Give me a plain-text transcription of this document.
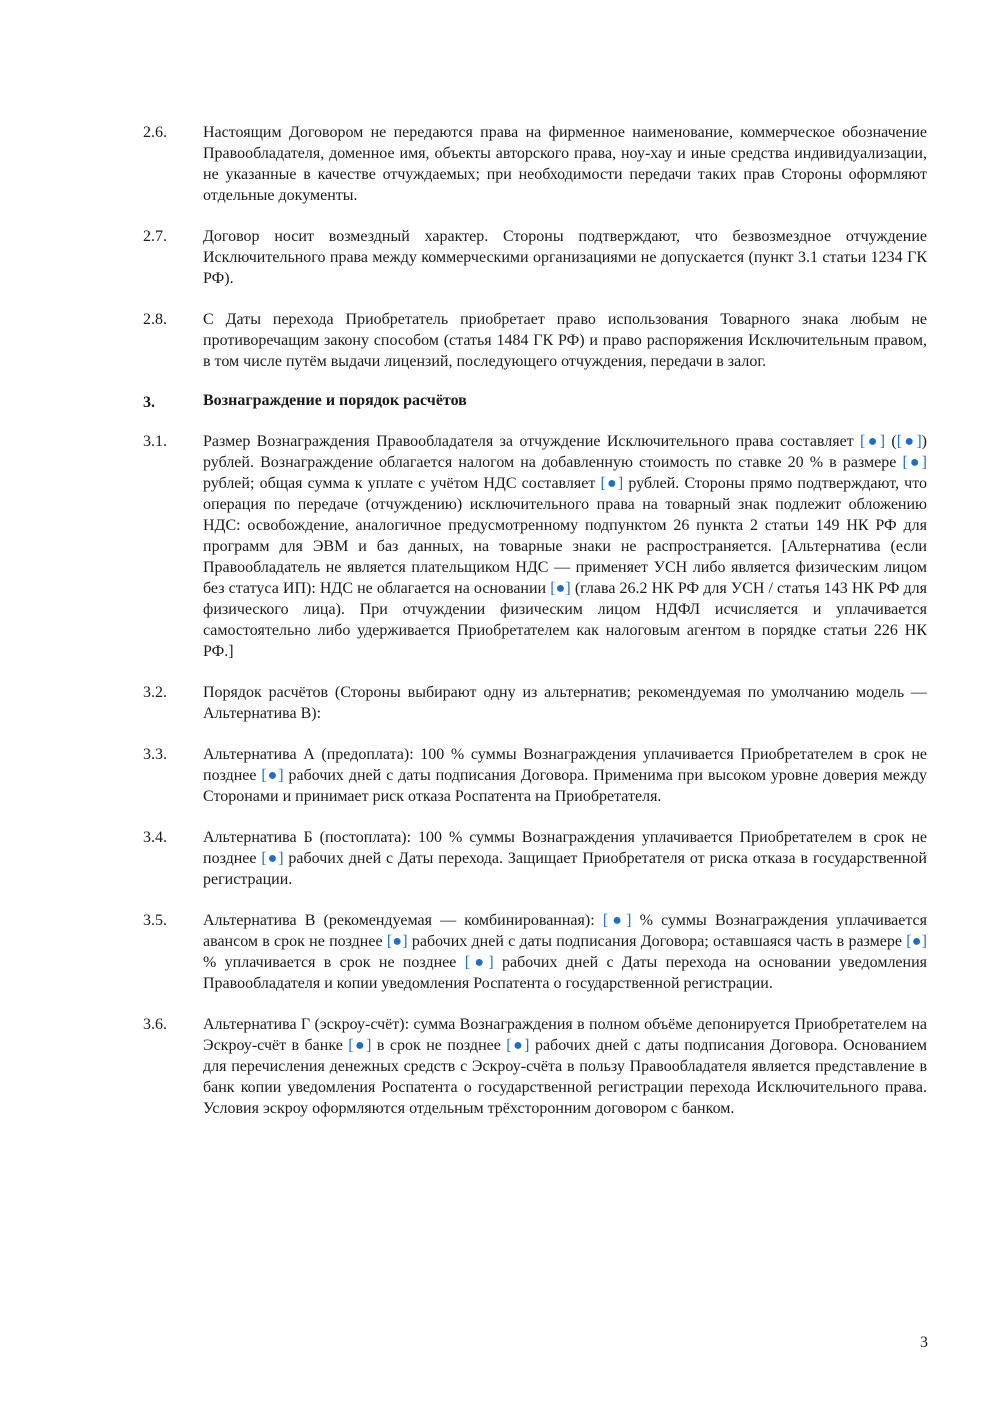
2.6.	Настоящим Договором не передаются права на фирменное наименование, коммерческое обозначение Правообладателя, доменное имя, объекты авторского права, ноу-хау и иные средства индивидуализации, не указанные в качестве отчуждаемых; при необходимости передачи таких прав Стороны оформляют отдельные документы.
2.7.	Договор носит возмездный характер. Стороны подтверждают, что безвозмездное отчуждение Исключительного права между коммерческими организациями не допускается (пункт 3.1 статьи 1234 ГК РФ).
2.8.	С Даты перехода Приобретатель приобретает право использования Товарного знака любым не противоречащим закону способом (статья 1484 ГК РФ) и право распоряжения Исключительным правом, в том числе путём выдачи лицензий, последующего отчуждения, передачи в залог.
3.	Вознаграждение и порядок расчётов
3.1.	Размер Вознаграждения Правообладателя за отчуждение Исключительного права составляет [●] ([●]) рублей. Вознаграждение облагается налогом на добавленную стоимость по ставке 20 % в размере [●] рублей; общая сумма к уплате с учётом НДС составляет [●] рублей. Стороны прямо подтверждают, что операция по передаче (отчуждению) исключительного права на товарный знак подлежит обложению НДС: освобождение, аналогичное предусмотренному подпунктом 26 пункта 2 статьи 149 НК РФ для программ для ЭВМ и баз данных, на товарные знаки не распространяется. [Альтернатива (если Правообладатель не является плательщиком НДС — применяет УСН либо является физическим лицом без статуса ИП): НДС не облагается на основании [●] (глава 26.2 НК РФ для УСН / статья 143 НК РФ для физического лица). При отчуждении физическим лицом НДФЛ исчисляется и уплачивается самостоятельно либо удерживается Приобретателем как налоговым агентом в порядке статьи 226 НК РФ.]
3.2.	Порядок расчётов (Стороны выбирают одну из альтернатив; рекомендуемая по умолчанию модель — Альтернатива В):
3.3.	Альтернатива А (предоплата): 100 % суммы Вознаграждения уплачивается Приобретателем в срок не позднее [●] рабочих дней с даты подписания Договора. Применима при высоком уровне доверия между Сторонами и принимает риск отказа Роспатента на Приобретателя.
3.4.	Альтернатива Б (постоплата): 100 % суммы Вознаграждения уплачивается Приобретателем в срок не позднее [●] рабочих дней с Даты перехода. Защищает Приобретателя от риска отказа в государственной регистрации.
3.5.	Альтернатива В (рекомендуемая — комбинированная): [●] % суммы Вознаграждения уплачивается авансом в срок не позднее [●] рабочих дней с даты подписания Договора; оставшаяся часть в размере [●] % уплачивается в срок не позднее [●] рабочих дней с Даты перехода на основании уведомления Правообладателя и копии уведомления Роспатента о государственной регистрации.
3.6.	Альтернатива Г (эскроу-счёт): сумма Вознаграждения в полном объёме депонируется Приобретателем на Эскроу-счёт в банке [●] в срок не позднее [●] рабочих дней с даты подписания Договора. Основанием для перечисления денежных средств с Эскроу-счёта в пользу Правообладателя является представление в банк копии уведомления Роспатента о государственной регистрации перехода Исключительного права. Условия эскроу оформляются отдельным трёхсторонним договором с банком.
3
